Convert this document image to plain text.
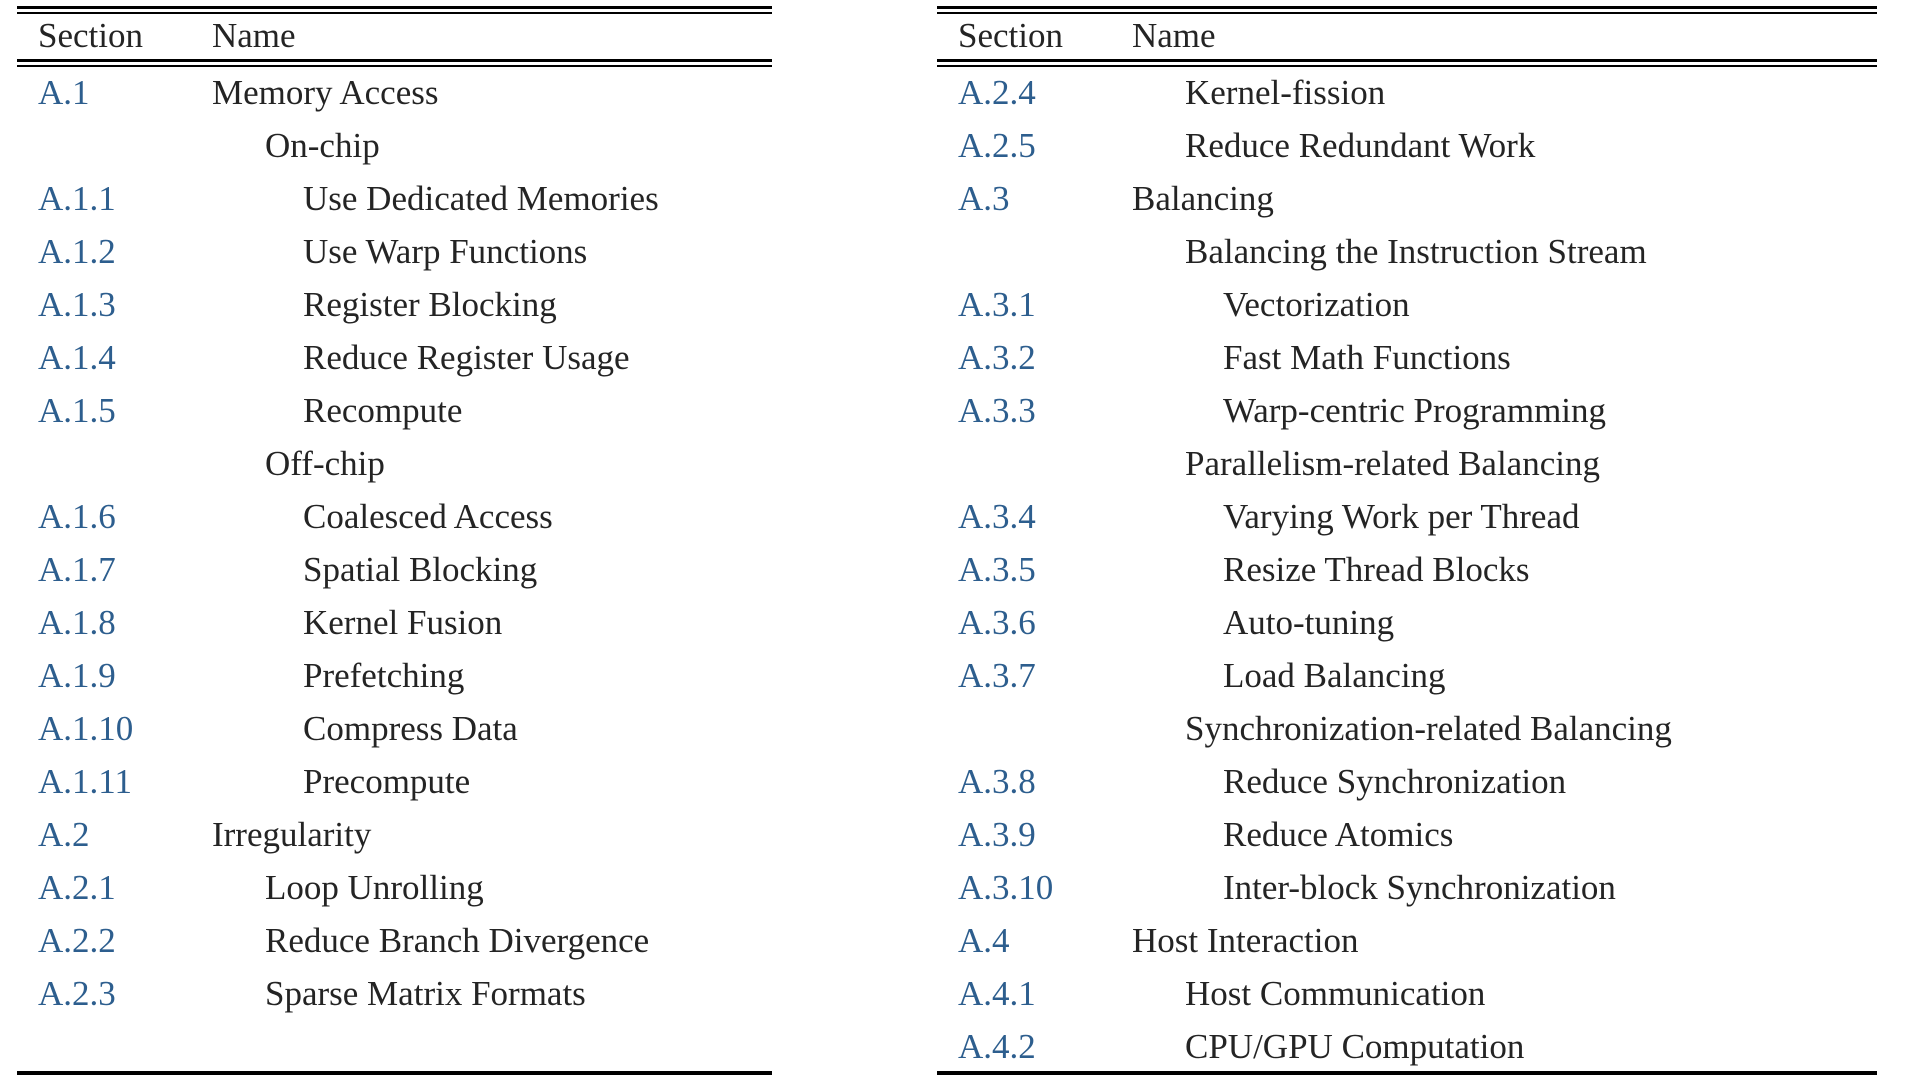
Section	Name
A.1	Memory Access
On-chip
A.1.1	Use Dedicated Memories
A.1.2	Use Warp Functions
A.1.3	Register Blocking
A.1.4	Reduce Register Usage
A.1.5	Recompute
Off-chip
A.1.6	Coalesced Access
A.1.7	Spatial Blocking
A.1.8	Kernel Fusion
A.1.9	Prefetching
A.1.10	Compress Data
A.1.11	Precompute
A.2	Irregularity
A.2.1	Loop Unrolling
A.2.2	Reduce Branch Divergence
A.2.3	Sparse Matrix Formats
Section	Name
A.2.4	Kernel-fission
A.2.5	Reduce Redundant Work
A.3	Balancing
Balancing the Instruction Stream
A.3.1	Vectorization
A.3.2	Fast Math Functions
A.3.3	Warp-centric Programming
Parallelism-related Balancing
A.3.4	Varying Work per Thread
A.3.5	Resize Thread Blocks
A.3.6	Auto-tuning
A.3.7	Load Balancing
Synchronization-related Balancing
A.3.8	Reduce Synchronization
A.3.9	Reduce Atomics
A.3.10	Inter-block Synchronization
A.4	Host Interaction
A.4.1	Host Communication
A.4.2	CPU/GPU Computation
